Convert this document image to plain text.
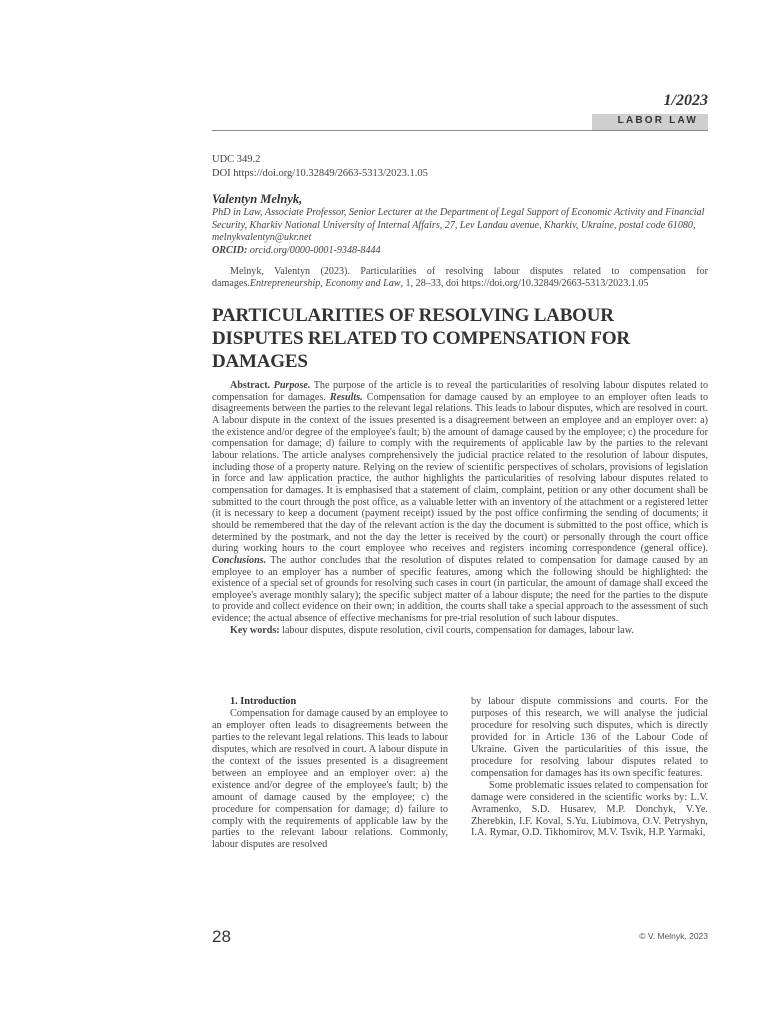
1/2023
LABOR LAW
UDC 349.2
DOI https://doi.org/10.32849/2663-5313/2023.1.05
Valentyn Melnyk,
PhD in Law, Associate Professor, Senior Lecturer at the Department of Legal Support of Economic Activity and Financial Security, Kharkiv National University of Internal Affairs, 27, Lev Landau avenue, Kharkiv, Ukraine, postal code 61080, melnykvalentyn@ukr.net
ORCID: orcid.org/0000-0001-9348-8444
Melnyk, Valentyn (2023). Particularities of resolving labour disputes related to compensation for damages.Entrepreneurship, Economy and Law, 1, 28–33, doi https://doi.org/10.32849/2663-5313/2023.1.05
PARTICULARITIES OF RESOLVING LABOUR DISPUTES RELATED TO COMPENSATION FOR DAMAGES

Abstract. Purpose. The purpose of the article is to reveal the particularities of resolving labour disputes related to compensation for damages. Results. Compensation for damage caused by an employee to an employer often leads to disagreements between the parties to the relevant legal relations. This leads to labour disputes, which are resolved in court. A labour dispute in the context of the issues presented is a disagreement between an employee and an employer over: a) the existence and/or degree of the employee's fault; b) the amount of damage caused by the employee; c) the procedure for compensation for damage; d) failure to comply with the requirements of applicable law by the parties to the relevant labour relations. The article analyses comprehensively the judicial practice related to the resolution of labour disputes, including those of a property nature. Relying on the review of scientific perspectives of scholars, provisions of legislation in force and law application practice, the author highlights the particularities of resolving labour disputes related to compensation for damages. It is emphasised that a statement of claim, complaint, petition or any other document shall be submitted to the court through the post office, as a valuable letter with an inventory of the attachment or a registered letter (it is necessary to keep a document (payment receipt) issued by the post office confirming the sending of documents; it should be remembered that the day of the relevant action is the day the document is submitted to the post office, which is determined by the postmark, and not the day the letter is received by the court) or personally through the court office during working hours to the court employee who receives and registers incoming correspondence (general office). Conclusions. The author concludes that the resolution of disputes related to compensation for damage caused by an employee to an employer has a number of specific features, among which the following should be highlighted: the existence of a special set of grounds for resolving such cases in court (in particular, the amount of damage shall exceed the employee's average monthly salary); the specific subject matter of a labour dispute; the need for the parties to the dispute to provide and collect evidence on their own; in addition, the courts shall take a special approach to the assessment of such evidence; the actual absence of effective mechanisms for pre-trial resolution of such labour disputes.

Key words: labour disputes, dispute resolution, civil courts, compensation for damages, labour law.

1. Introduction

Compensation for damage caused by an employee to an employer often leads to disagreements between the parties to the relevant legal relations. This leads to labour disputes, which are resolved in court. A labour dispute in the context of the issues presented is a disagreement between an employee and an employer over: a) the existence and/or degree of the employee's fault; b) the amount of damage caused by the employee; c) the procedure for compensation for damage; d) failure to comply with the requirements of applicable law by the parties to the relevant labour relations. Commonly, labour disputes are resolved

by labour dispute commissions and courts. For the purposes of this research, we will analyse the judicial procedure for resolving such disputes, which is directly provided for in Article 136 of the Labour Code of Ukraine. Given the particularities of this issue, the procedure for resolving labour disputes related to compensation for damages has its own specific features.

Some problematic issues related to compensation for damage were considered in the scientific works by: L.V. Avramenko, S.D. Husarev, M.P. Donchyk, V.Ye. Zherebkin, I.F. Koval, S.Yu. Liubimova, O.V. Petryshyn, I.A. Rymar, O.D. Tikhomirov, M.V. Tsvik, H.P. Yarmaki,

28	© V. Melnyk, 2023
